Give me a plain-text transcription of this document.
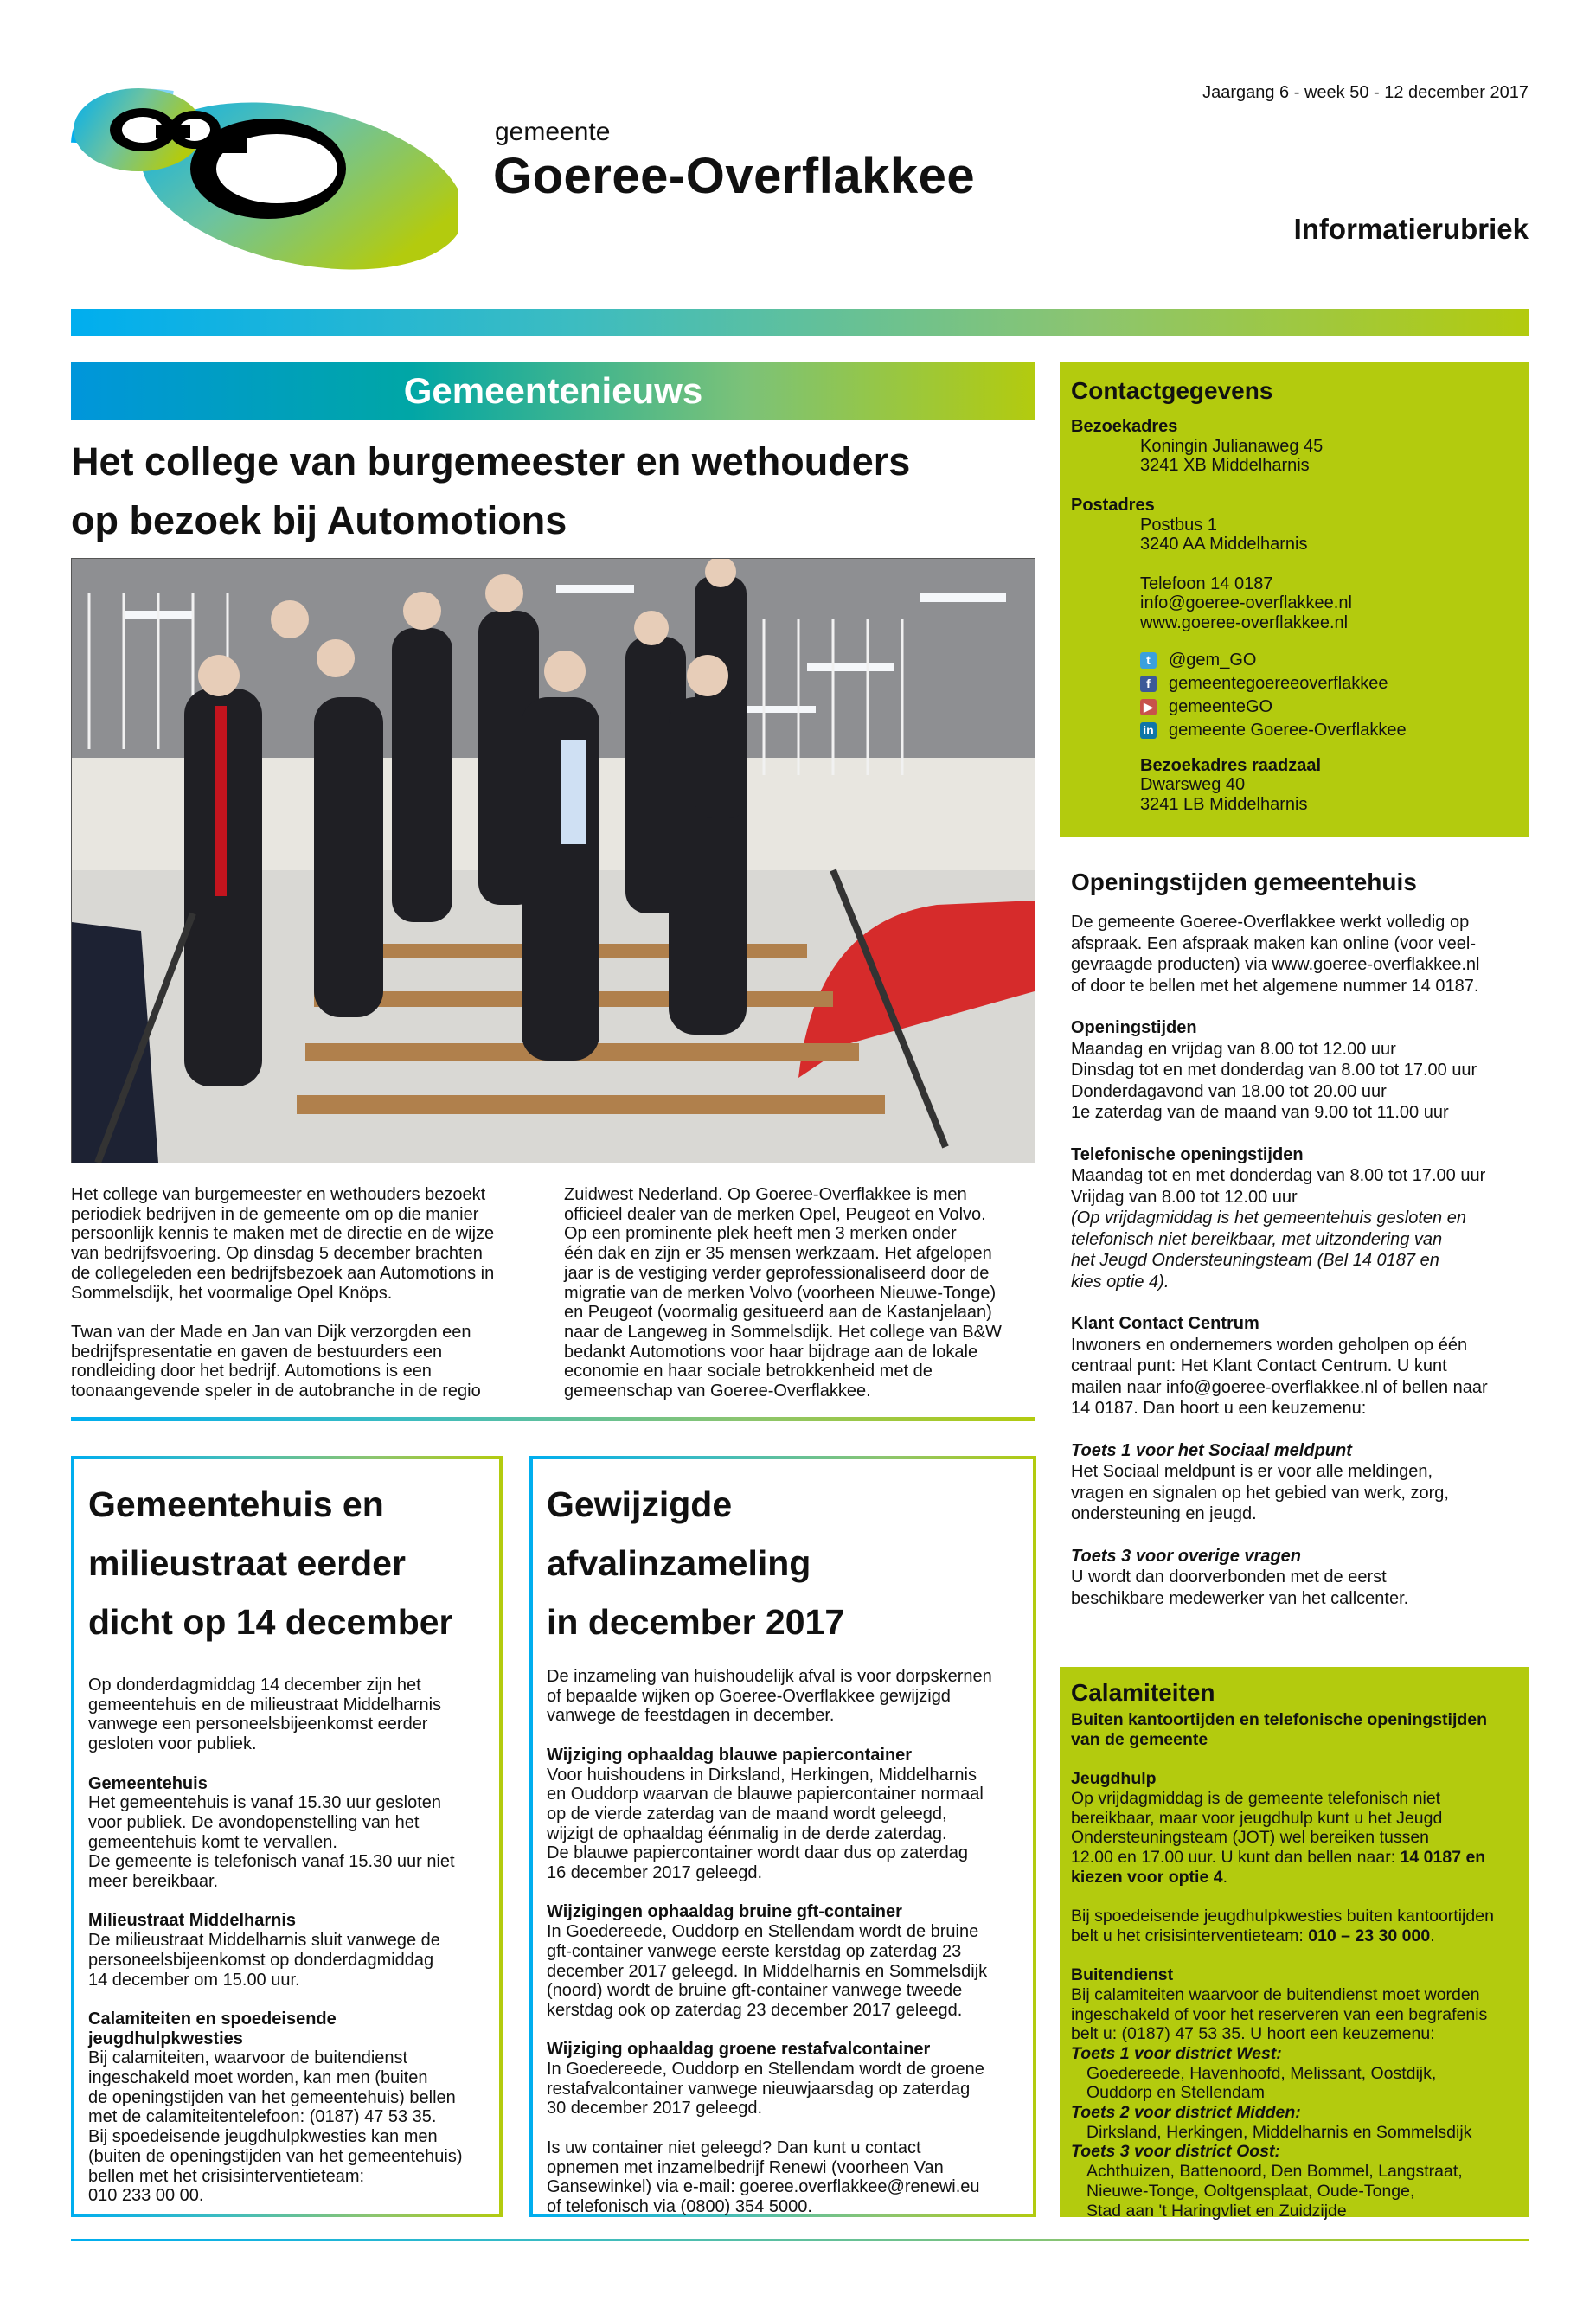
Jaargang 6 - week 50 - 12 december 2017
gemeente
Goeree-Overflakkee
Informatierubriek
Gemeentenieuws
Het college van burgemeester en wethouders
op bezoek bij Automotions

Het college van burgemeester en wethouders bezoekt
periodiek bedrijven in de gemeente om op die manier
persoonlijk kennis te maken met de directie en de wijze
van bedrijfsvoering. Op dinsdag 5 december brachten
de collegeleden een bedrijfsbezoek aan Automotions in
Sommelsdijk, het voormalige Opel Knöps.

Twan van der Made en Jan van Dijk verzorgden een
bedrijfspresentatie en gaven de bestuurders een
rondleiding door het bedrijf. Automotions is een
toonaangevende speler in de autobranche in de regio

Zuidwest Nederland. Op Goeree-Overflakkee is men
officieel dealer van de merken Opel, Peugeot en Volvo.
Op een prominente plek heeft men 3 merken onder
één dak en zijn er 35 mensen werkzaam. Het afgelopen
jaar is de vestiging verder geprofessionaliseerd door de
migratie van de merken Volvo (voorheen Nieuwe-Tonge)
en Peugeot (voormalig gesitueerd aan de Kastanjelaan)
naar de Langeweg in Sommelsdijk. Het college van B&W
bedankt Automotions voor haar bijdrage aan de lokale
economie en haar sociale betrokkenheid met de
gemeenschap van Goeree-Overflakkee.
Gemeentehuis en
milieustraat eerder
dicht op 14 december

Op donderdagmiddag 14 december zijn het
gemeentehuis en de milieustraat Middelharnis
vanwege een personeelsbijeenkomst eerder
gesloten voor publiek.

Gemeentehuis

Het gemeentehuis is vanaf 15.30 uur gesloten
voor publiek. De avondopenstelling van het
gemeentehuis komt te vervallen.
De gemeente is telefonisch vanaf 15.30 uur niet
meer bereikbaar.

Milieustraat Middelharnis

De milieustraat Middelharnis sluit vanwege de
personeelsbijeenkomst op donderdagmiddag
14 december om 15.00 uur.

Calamiteiten en spoedeisende
jeugdhulpkwesties

Bij calamiteiten, waarvoor de buitendienst
ingeschakeld moet worden, kan men (buiten
de openingstijden van het gemeentehuis) bellen
met de calamiteitentelefoon: (0187) 47 53 35.
Bij spoedeisende jeugdhulpkwesties kan men
(buiten de openingstijden van het gemeentehuis)
bellen met het crisisinterventieteam:
010 233 00 00.

Gewijzigde
afvalinzameling
in december 2017

De inzameling van huishoudelijk afval is voor dorpskernen
of bepaalde wijken op Goeree-Overflakkee gewijzigd
vanwege de feestdagen in december.

Wijziging ophaaldag blauwe papiercontainer

Voor huishoudens in Dirksland, Herkingen, Middelharnis
en Ouddorp waarvan de blauwe papiercontainer normaal
op de vierde zaterdag van de maand wordt geleegd,
wijzigt de ophaaldag éénmalig in de derde zaterdag.
De blauwe papiercontainer wordt daar dus op zaterdag
16 december 2017 geleegd.

Wijzigingen ophaaldag bruine gft-container

In Goedereede, Ouddorp en Stellendam wordt de bruine
gft-container vanwege eerste kerstdag op zaterdag 23
december 2017 geleegd. In Middelharnis en Sommelsdijk
(noord) wordt de bruine gft-container vanwege tweede
kerstdag ook op zaterdag 23 december 2017 geleegd.

Wijziging ophaaldag groene restafvalcontainer

In Goedereede, Ouddorp en Stellendam wordt de groene
restafvalcontainer vanwege nieuwjaarsdag op zaterdag
30 december 2017 geleegd.

Is uw container niet geleegd? Dan kunt u contact
opnemen met inzamelbedrijf Renewi (voorheen Van
Gansewinkel) via e-mail: goeree.overflakkee@renewi.eu
of telefonisch via (0800) 354 5000.

Contactgegevens

Bezoekadres

Koningin Julianaweg 45
3241 XB Middelharnis

Postadres

Postbus 1
3240 AA Middelharnis

Telefoon 14 0187

info@goeree-overflakkee.nl

www.goeree-overflakkee.nl

t	@gem_GO
f	gemeentegoereeoverflakkee
▶ gemeenteGO
in gemeente Goeree-Overflakkee

Bezoekadres raadzaal

Dwarsweg 40
3241 LB Middelharnis

Openingstijden gemeentehuis

De gemeente Goeree-Overflakkee werkt volledig op
afspraak. Een afspraak maken kan online (voor veel-
gevraagde producten) via www.goeree-overflakkee.nl
of door te bellen met het algemene nummer 14 0187.

Openingstijden

Maandag en vrijdag van 8.00 tot 12.00 uur
Dinsdag tot en met donderdag van 8.00 tot 17.00 uur
Donderdagavond van 18.00 tot 20.00 uur
1e zaterdag van de maand van 9.00 tot 11.00 uur

Telefonische openingstijden

Maandag tot en met donderdag van 8.00 tot 17.00 uur
Vrijdag van 8.00 tot 12.00 uur

(Op vrijdagmiddag is het gemeentehuis gesloten en
telefonisch niet bereikbaar, met uitzondering van
het Jeugd Ondersteuningsteam (Bel 14 0187 en
kies optie 4).

Klant Contact Centrum

Inwoners en ondernemers worden geholpen op één
centraal punt: Het Klant Contact Centrum. U kunt
mailen naar info@goeree-overflakkee.nl of bellen naar
14 0187. Dan hoort u een keuzemenu:

Toets 1 voor het Sociaal meldpunt

Het Sociaal meldpunt is er voor alle meldingen,
vragen en signalen op het gebied van werk, zorg,
ondersteuning en jeugd.

Toets 3 voor overige vragen

U wordt dan doorverbonden met de eerst
beschikbare medewerker van het callcenter.

Calamiteiten

Buiten kantoortijden en telefonische openingstijden
van de gemeente

Jeugdhulp

Op vrijdagmiddag is de gemeente telefonisch niet
bereikbaar, maar voor jeugdhulp kunt u het Jeugd
Ondersteuningsteam (JOT) wel bereiken tussen
12.00 en 17.00 uur. U kunt dan bellen naar: 14 0187 en
kiezen voor optie 4.

Bij spoedeisende jeugdhulpkwesties buiten kantoortijden
belt u het crisisinterventieteam: 010 – 23 30 000.

Buitendienst

Bij calamiteiten waarvoor de buitendienst moet worden
ingeschakeld of voor het reserveren van een begrafenis
belt u: (0187) 47 53 35. U hoort een keuzemenu:

Toets 1 voor district West:

Goedereede, Havenhoofd, Melissant, Oostdijk,
Ouddorp en Stellendam

Toets 2 voor district Midden:

Dirksland, Herkingen, Middelharnis en Sommelsdijk

Toets 3 voor district Oost:

Achthuizen, Battenoord, Den Bommel, Langstraat,
Nieuwe-Tonge, Ooltgensplaat, Oude-Tonge,
Stad aan 't Haringvliet en Zuidzijde
